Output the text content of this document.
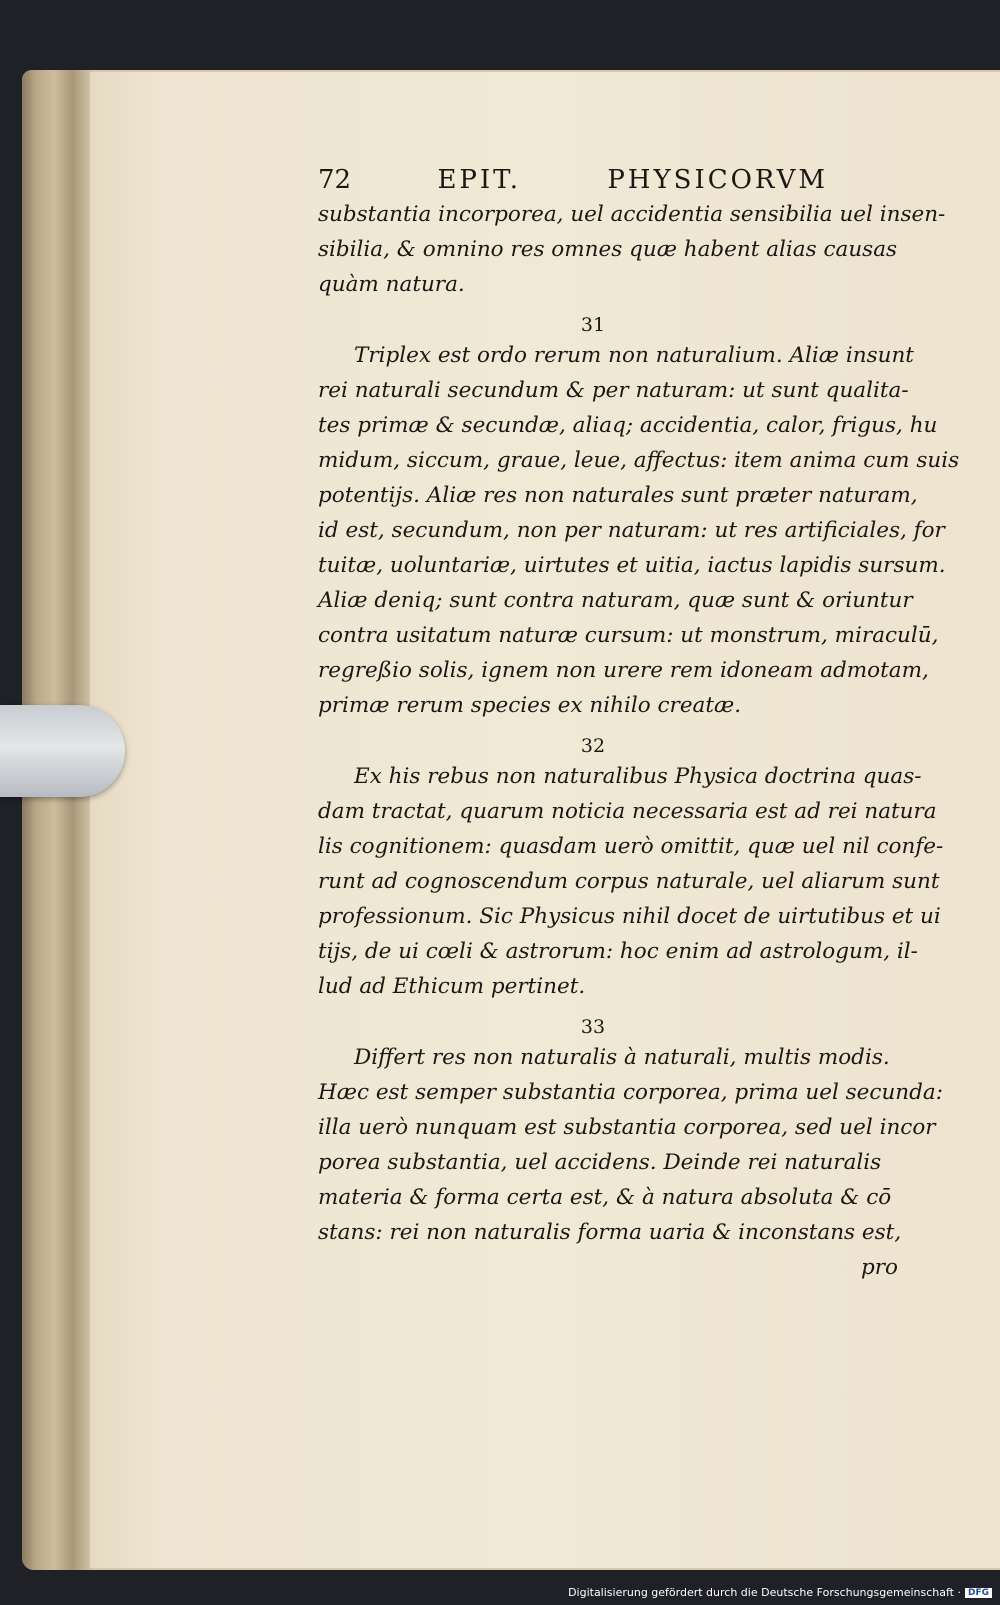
72	EPIT.	PHYSICORVM
substantia incorporea, uel accidentia sensibilia uel insen-
sibilia, & omnino res omnes quæ habent alias causas
quàm natura.
31
Triplex est ordo rerum non naturalium. Aliæ insunt
rei naturali secundum & per naturam: ut sunt qualita-
tes primæ & secundæ, aliaq; accidentia, calor, frigus, hu
midum, siccum, graue, leue, affectus: item anima cum suis
potentijs. Aliæ res non naturales sunt præter naturam,
id est, secundum, non per naturam: ut res artificiales, for
tuitæ, uoluntariæ, uirtutes et uitia, iactus lapidis sursum.
Aliæ deniq; sunt contra naturam, quæ sunt & oriuntur
contra usitatum naturæ cursum: ut monstrum, miraculū,
regreßio solis, ignem non urere rem idoneam admotam,
primæ rerum species ex nihilo creatæ.
32
Ex his rebus non naturalibus Physica doctrina quas-
dam tractat, quarum noticia necessaria est ad rei natura
lis cognitionem: quasdam uerò omittit, quæ uel nil confe-
runt ad cognoscendum corpus naturale, uel aliarum sunt
professionum. Sic Physicus nihil docet de uirtutibus et ui
tijs, de ui cœli & astrorum: hoc enim ad astrologum, il-
lud ad Ethicum pertinet.
33
Differt res non naturalis à naturali, multis modis.
Hæc est semper substantia corporea, prima uel secunda:
illa uerò nunquam est substantia corporea, sed uel incor
porea substantia, uel accidens. Deinde rei naturalis
materia & forma certa est, & à natura absoluta & cō
stans: rei non naturalis forma uaria & inconstans est,
pro
Digitalisierung gefördert durch die Deutsche Forschungsgemeinschaft · DFG
